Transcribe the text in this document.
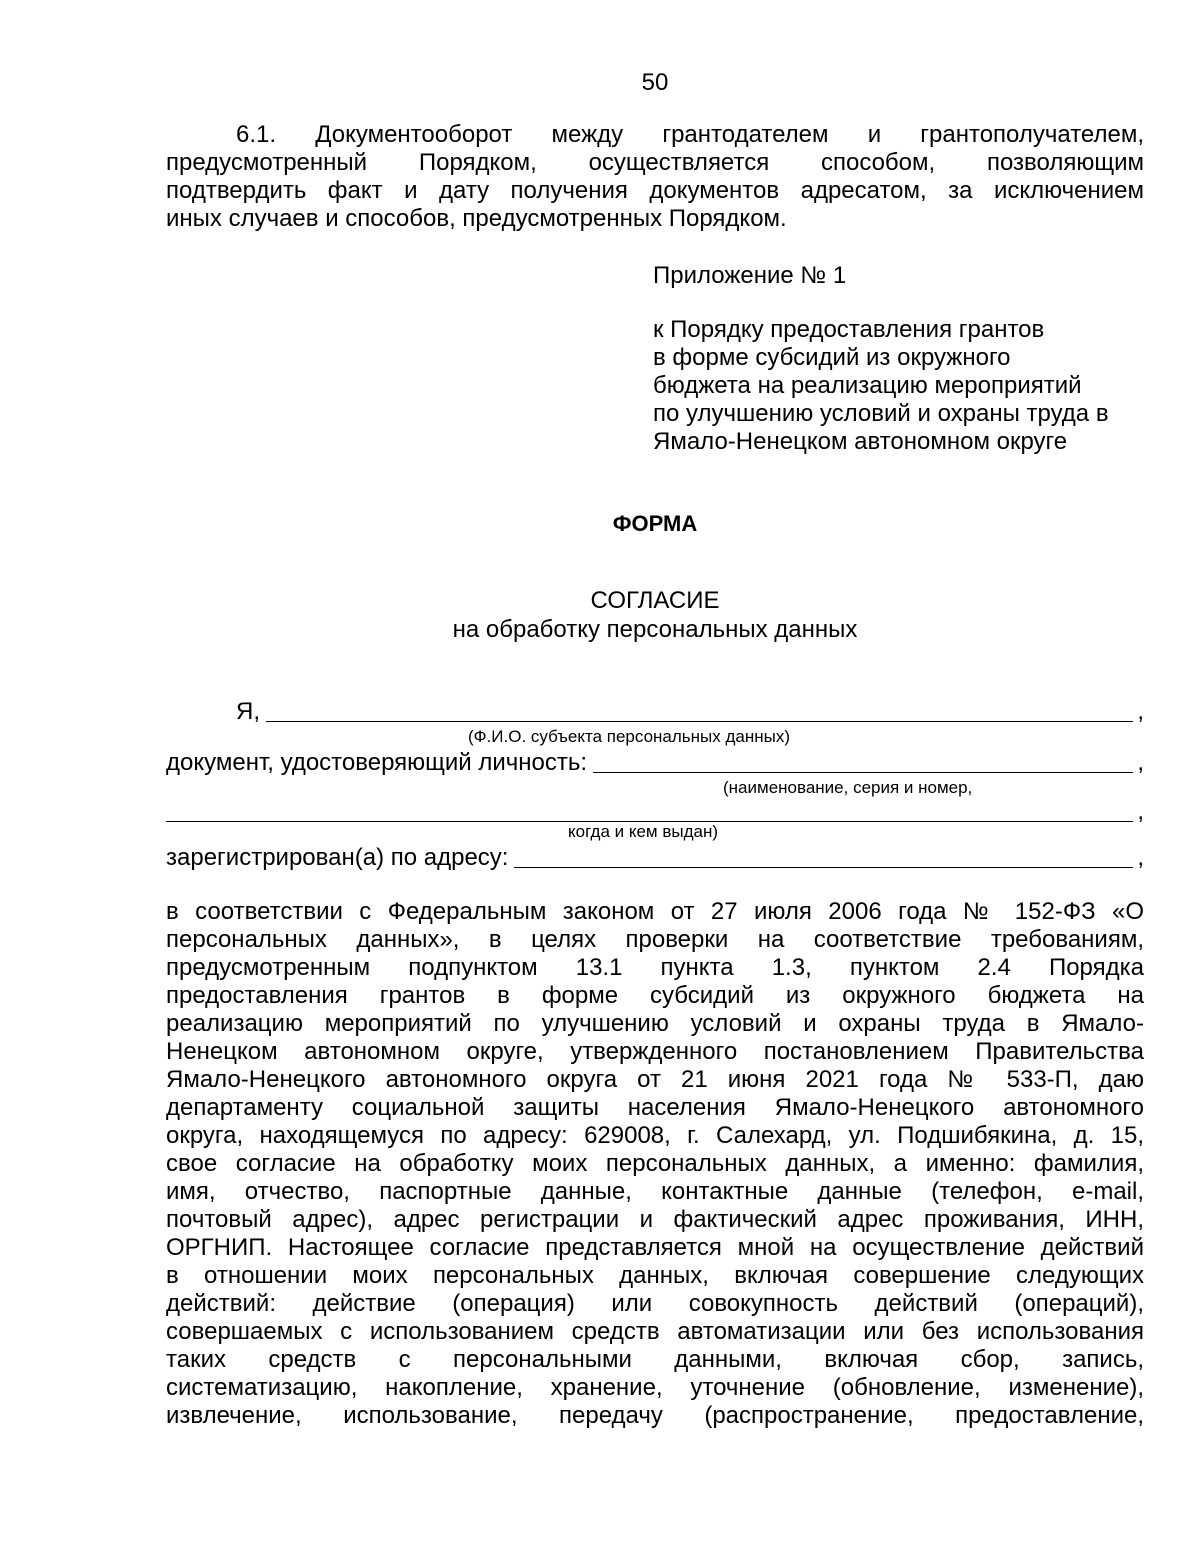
50
6.1. Документооборот между грантодателем и грантополучателем,
предусмотренный Порядком, осуществляется способом, позволяющим
подтвердить факт и дату получения документов адресатом, за исключением
иных случаев и способов, предусмотренных Порядком.
Приложение № 1
к Порядку предоставления грантов
в форме субсидий из окружного
бюджета на реализацию мероприятий
по улучшению условий и охраны труда в
Ямало-Ненецком автономном округе
ФОРМА
СОГЛАСИЕ
на обработку персональных данных
Я,	,
(Ф.И.О. субъекта персональных данных)
документ, удостоверяющий личность:	,
(наименование, серия и номер,
,
когда и кем выдан)
зарегистрирован(а) по адресу:	,
в соответствии с Федеральным законом от 27 июля 2006 года № 152-ФЗ «О
персональных данных», в целях проверки на соответствие требованиям,
предусмотренным подпунктом 13.1 пункта 1.3, пунктом 2.4 Порядка
предоставления грантов в форме субсидий из окружного бюджета на
реализацию мероприятий по улучшению условий и охраны труда в Ямало-
Ненецком автономном округе, утвержденного постановлением Правительства
Ямало-Ненецкого автономного округа от 21 июня 2021 года № 533-П, даю
департаменту социальной защиты населения Ямало-Ненецкого автономного
округа, находящемуся по адресу: 629008, г. Салехард, ул. Подшибякина, д. 15,
свое согласие на обработку моих персональных данных, а именно: фамилия,
имя, отчество, паспортные данные, контактные данные (телефон, e-mail,
почтовый адрес), адрес регистрации и фактический адрес проживания, ИНН,
ОРГНИП. Настоящее согласие представляется мной на осуществление действий
в отношении моих персональных данных, включая совершение следующих
действий: действие (операция) или совокупность действий (операций),
совершаемых с использованием средств автоматизации или без использования
таких средств с персональными данными, включая сбор, запись,
систематизацию, накопление, хранение, уточнение (обновление, изменение),
извлечение, использование, передачу (распространение, предоставление,
